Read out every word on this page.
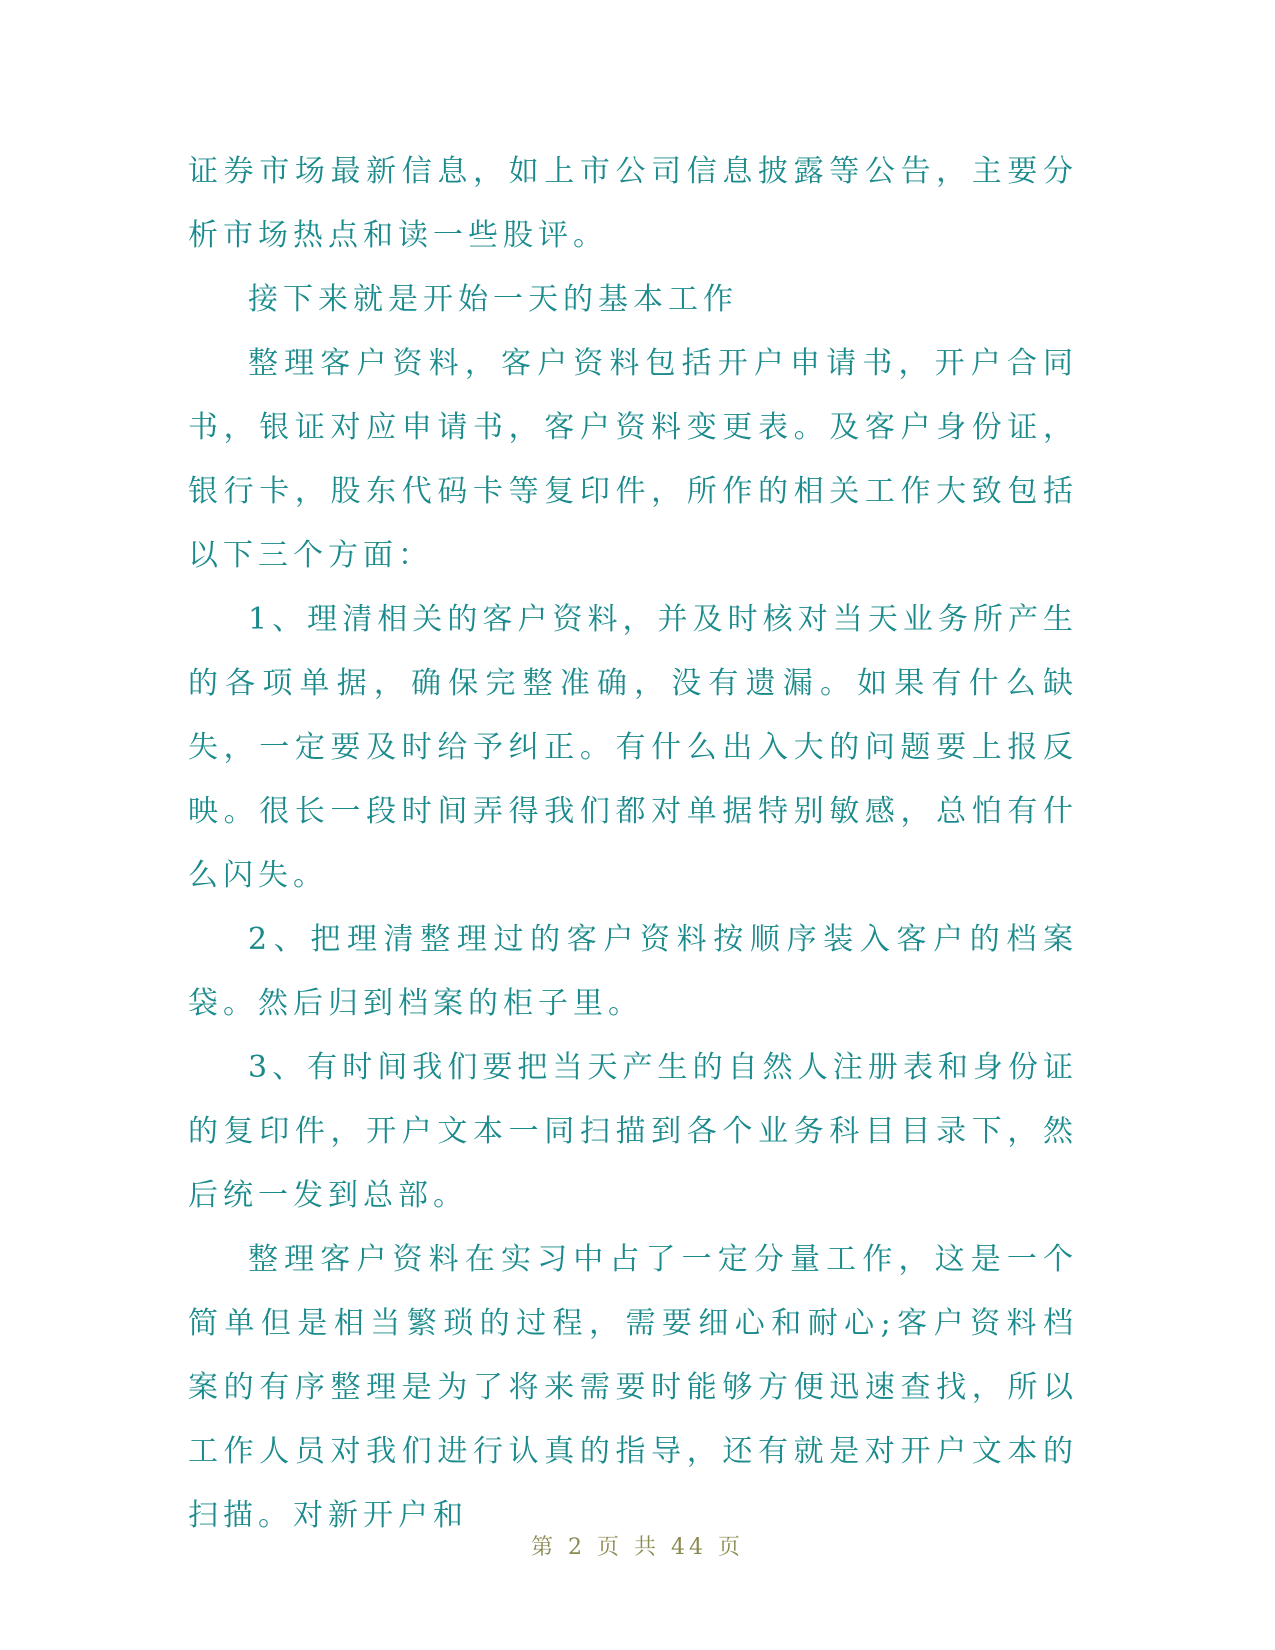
证券市场最新信息，如上市公司信息披露等公告，主要分析市场热点和读一些股评。

接下来就是开始一天的基本工作

整理客户资料，客户资料包括开户申请书，开户合同书，银证对应申请书，客户资料变更表。及客户身份证，银行卡，股东代码卡等复印件，所作的相关工作大致包括以下三个方面：

1、理清相关的客户资料，并及时核对当天业务所产生的各项单据，确保完整准确，没有遗漏。如果有什么缺失，一定要及时给予纠正。有什么出入大的问题要上报反映。很长一段时间弄得我们都对单据特别敏感，总怕有什么闪失。

2、把理清整理过的客户资料按顺序装入客户的档案袋。然后归到档案的柜子里。

3、有时间我们要把当天产生的自然人注册表和身份证的复印件，开户文本一同扫描到各个业务科目目录下，然后统一发到总部。

整理客户资料在实习中占了一定分量工作，这是一个简单但是相当繁琐的过程，需要细心和耐心;客户资料档案的有序整理是为了将来需要时能够方便迅速查找，所以工作人员对我们进行认真的指导，还有就是对开户文本的扫描。对新开户和

第 2 页 共 44 页
